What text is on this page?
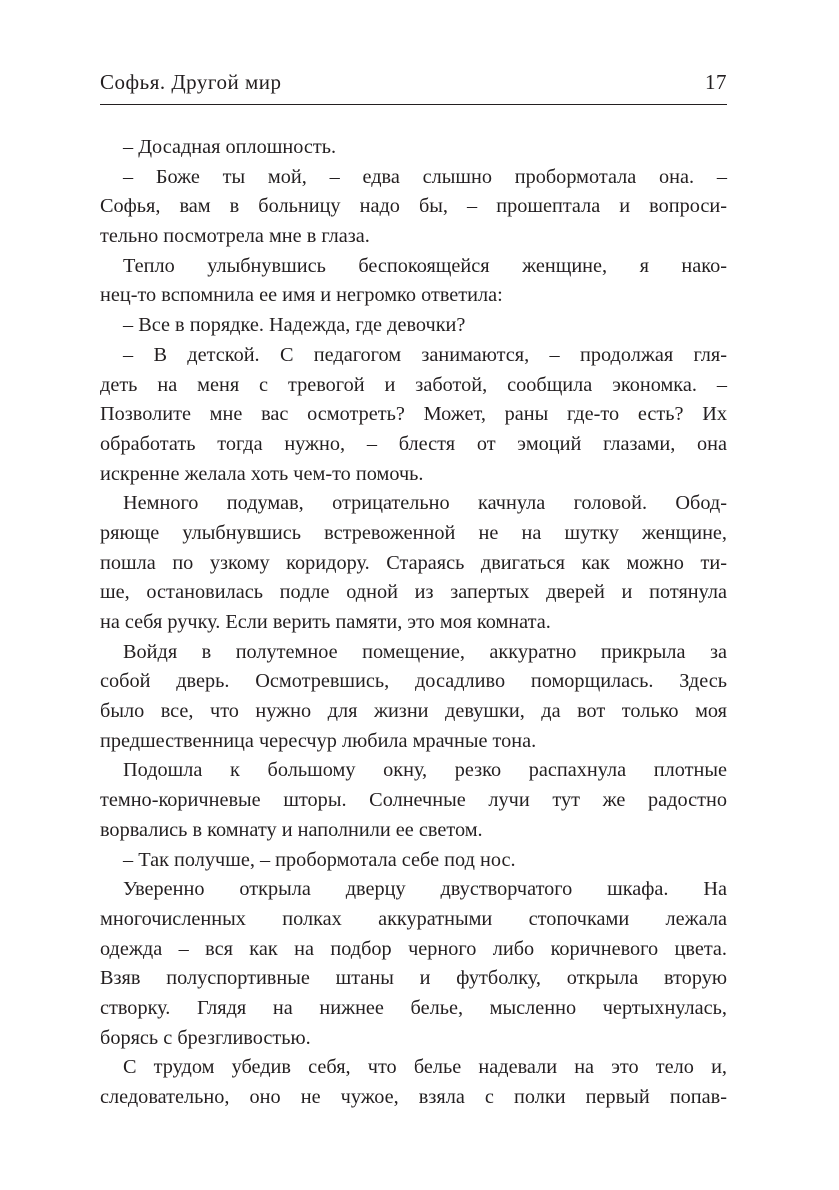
Софья. Другой мир	17
– Досадная оплошность.
– Боже ты мой, – едва слышно пробормотала она. –
Софья, вам в больницу надо бы, – прошептала и вопроси-
тельно посмотрела мне в глаза.
Тепло улыбнувшись беспокоящейся женщине, я нако-
нец-то вспомнила ее имя и негромко ответила:
– Все в порядке. Надежда, где девочки?
– В детской. С педагогом занимаются, – продолжая гля-
деть на меня с тревогой и заботой, сообщила экономка. –
Позволите мне вас осмотреть? Может, раны где-то есть? Их
обработать тогда нужно, – блестя от эмоций глазами, она
искренне желала хоть чем-то помочь.
Немного подумав, отрицательно качнула головой. Обод-
ряюще улыбнувшись встревоженной не на шутку женщине,
пошла по узкому коридору. Стараясь двигаться как можно ти-
ше, остановилась подле одной из запертых дверей и потянула
на себя ручку. Если верить памяти, это моя комната.
Войдя в полутемное помещение, аккуратно прикрыла за
собой дверь. Осмотревшись, досадливо поморщилась. Здесь
было все, что нужно для жизни девушки, да вот только моя
предшественница чересчур любила мрачные тона.
Подошла к большому окну, резко распахнула плотные
темно-коричневые шторы. Солнечные лучи тут же радостно
ворвались в комнату и наполнили ее светом.
– Так получше, – пробормотала себе под нос.
Уверенно открыла дверцу двустворчатого шкафа. На
многочисленных полках аккуратными стопочками лежала
одежда – вся как на подбор черного либо коричневого цвета.
Взяв полуспортивные штаны и футболку, открыла вторую
створку. Глядя на нижнее белье, мысленно чертыхнулась,
борясь с брезгливостью.
С трудом убедив себя, что белье надевали на это тело и,
следовательно, оно не чужое, взяла с полки первый попав-
